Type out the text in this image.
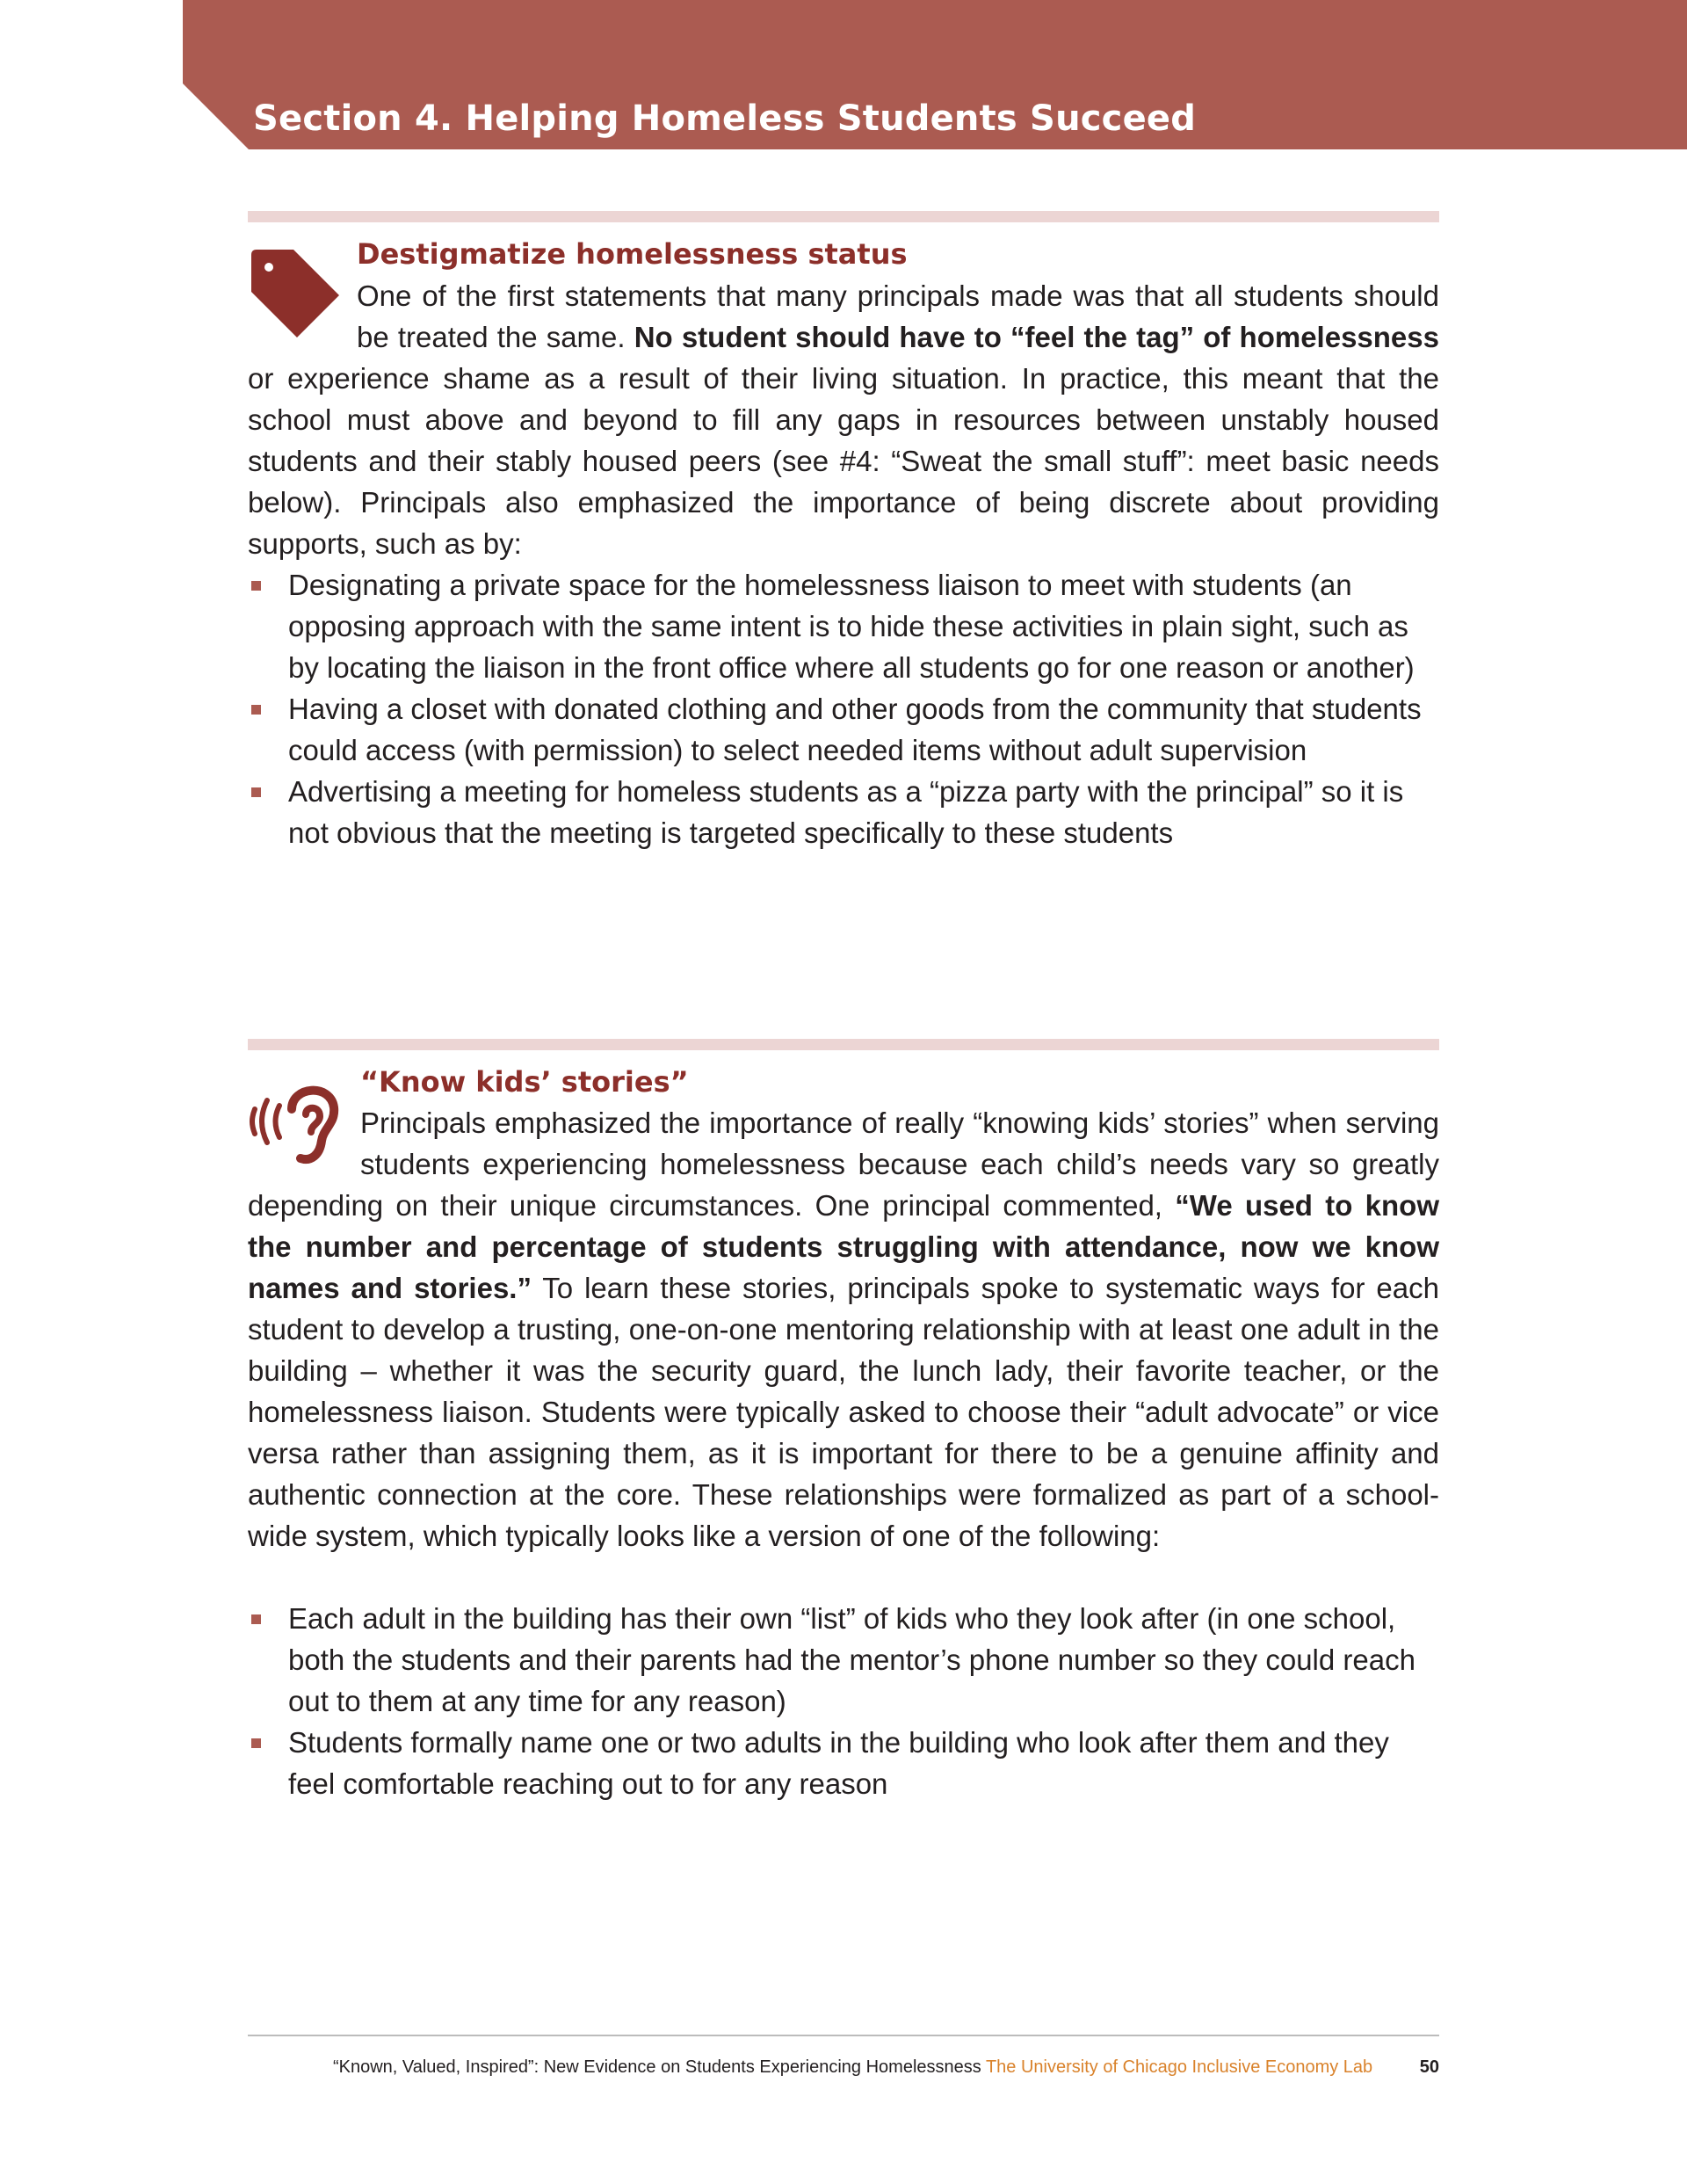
Section 4. Helping Homeless Students Succeed
Destigmatize homelessness status

One of the first statements that many principals made was that all students should be treated the same. No student should have to “feel the tag” of homelessness or experience shame as a result of their living situation. In practice, this meant that the school must above and beyond to fill any gaps in resources between unstably housed students and their stably housed peers (see #4: “Sweat the small stuff”: meet basic needs below). Principals also emphasized the importance of being discrete about providing supports, such as by:

Designating a private space for the homelessness liaison to meet with students (an opposing approach with the same intent is to hide these activities in plain sight, such as by locating the liaison in the front office where all students go for one reason or another)
Having a closet with donated clothing and other goods from the community that students could access (with permission) to select needed items without adult supervision
Advertising a meeting for homeless students as a “pizza party with the principal” so it is not obvious that the meeting is targeted specifically to these students
“Know kids’ stories”

Principals emphasized the importance of really “knowing kids’ stories” when serving students experiencing homelessness because each child’s needs vary so greatly depending on their unique circumstances. One principal commented, “We used to know the number and percentage of students struggling with attendance, now we know names and stories.” To learn these stories, principals spoke to systematic ways for each student to develop a trusting, one-on-one mentoring relationship with at least one adult in the building – whether it was the security guard, the lunch lady, their favorite teacher, or the homelessness liaison. Students were typically asked to choose their “adult advocate” or vice versa rather than assigning them, as it is important for there to be a genuine affinity and authentic connection at the core. These relationships were formalized as part of a school-wide system, which typically looks like a version of one of the following:

Each adult in the building has their own “list” of kids who they look after (in one school, both the students and their parents had the mentor’s phone number so they could reach out to them at any time for any reason)
Students formally name one or two adults in the building who look after them and they feel comfortable reaching out to for any reason
“Known, Valued, Inspired”: New Evidence on Students Experiencing Homelessness The University of Chicago Inclusive Economy Lab	50
